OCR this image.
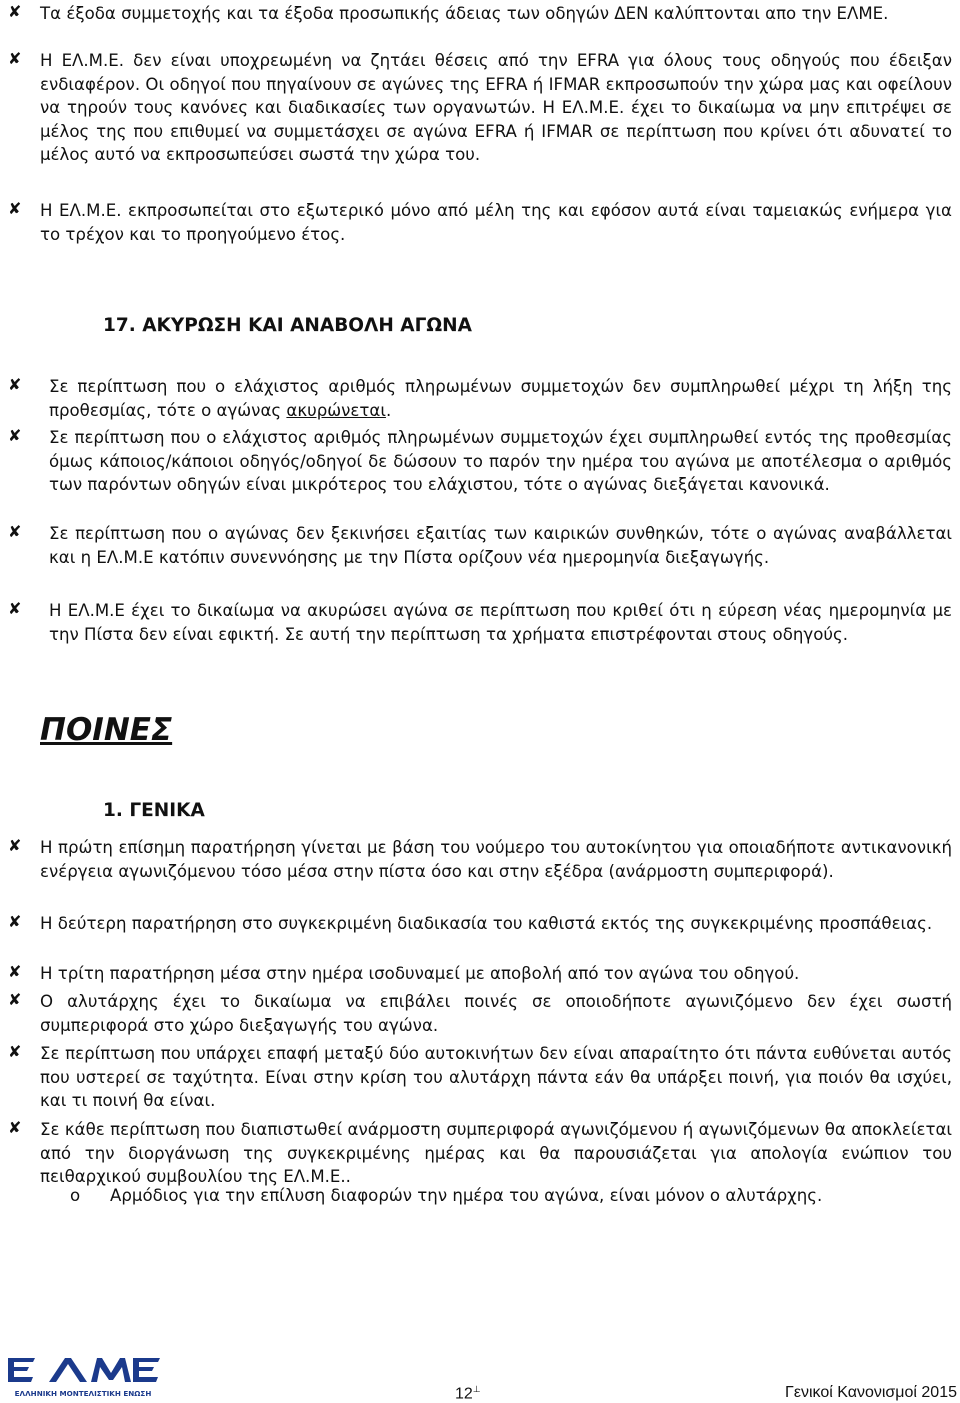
✘ Τα έξοδα συμμετοχής και τα έξοδα προσωπικής άδειας των οδηγών ΔΕΝ καλύπτονται απο την ΕΛΜΕ.
✘ Η ΕΛ.Μ.Ε. δεν είναι υποχρεωμένη να ζητάει θέσεις από την EFRA για όλους τους οδηγούς που έδειξαν ενδιαφέρον. Οι οδηγοί που πηγαίνουν σε αγώνες της EFRA ή IFMAR εκπροσωπούν την χώρα μας και οφείλουν να τηρούν τους κανόνες και διαδικασίες των οργανωτών. Η ΕΛ.Μ.Ε. έχει το δικαίωμα να μην επιτρέψει σε μέλος της που επιθυμεί να συμμετάσχει σε αγώνα EFRA ή IFMAR σε περίπτωση που κρίνει ότι αδυνατεί το μέλος αυτό να εκπροσωπεύσει σωστά την χώρα του.
✘ Η ΕΛ.Μ.Ε. εκπροσωπείται στο εξωτερικό μόνο από μέλη της και εφόσον αυτά είναι ταμειακώς ενήμερα για το τρέχον και το προηγούμενο έτος.
17. ΑΚΥΡΩΣΗ ΚΑΙ ΑΝΑΒΟΛΗ ΑΓΩΝΑ
✘ Σε περίπτωση που ο ελάχιστος αριθμός πληρωμένων συμμετοχών δεν συμπληρωθεί μέχρι τη λήξη της προθεσμίας, τότε ο αγώνας ακυρώνεται.
✘ Σε περίπτωση που ο ελάχιστος αριθμός πληρωμένων συμμετοχών έχει συμπληρωθεί εντός της προθεσμίας όμως κάποιος/κάποιοι οδηγός/οδηγοί δε δώσουν το παρόν την ημέρα του αγώνα με αποτέλεσμα ο αριθμός των παρόντων οδηγών είναι μικρότερος του ελάχιστου, τότε ο αγώνας διεξάγεται κανονικά.
✘ Σε περίπτωση που ο αγώνας δεν ξεκινήσει εξαιτίας των καιρικών συνθηκών, τότε ο αγώνας αναβάλλεται και η ΕΛ.Μ.Ε κατόπιν συνεννόησης με την Πίστα ορίζουν νέα ημερομηνία διεξαγωγής.
✘ Η ΕΛ.Μ.Ε έχει το δικαίωμα να ακυρώσει αγώνα σε περίπτωση που κριθεί ότι η εύρεση νέας ημερομηνία με την Πίστα δεν είναι εφικτή. Σε αυτή την περίπτωση τα χρήματα επιστρέφονται στους οδηγούς.
ΠΟΙΝΕΣ
1. ΓΕΝΙΚΑ
✘ Η πρώτη επίσημη παρατήρηση γίνεται με βάση του νούμερο του αυτοκίνητου για οποιαδήποτε αντικανονική ενέργεια αγωνιζόμενου τόσο μέσα στην πίστα όσο και στην εξέδρα (ανάρμοστη συμπεριφορά).
✘ Η δεύτερη παρατήρηση στο συγκεκριμένη διαδικασία του καθιστά εκτός της συγκεκριμένης προσπάθειας.
✘ Η τρίτη παρατήρηση μέσα στην ημέρα ισοδυναμεί με αποβολή από τον αγώνα του οδηγού.
✘ Ο αλυτάρχης έχει το δικαίωμα να επιβάλει ποινές σε οποιοδήποτε αγωνιζόμενο δεν έχει σωστή συμπεριφορά στο χώρο διεξαγωγής του αγώνα.
✘ Σε περίπτωση που υπάρχει επαφή μεταξύ δύο αυτοκινήτων δεν είναι απαραίτητο ότι πάντα ευθύνεται αυτός που υστερεί σε ταχύτητα. Είναι στην κρίση του αλυτάρχη πάντα εάν θα υπάρξει ποινή, για ποιόν θα ισχύει, και τι ποινή θα είναι.
✘ Σε κάθε περίπτωση που διαπιστωθεί ανάρμοστη συμπεριφορά αγωνιζόμενου ή αγωνιζόμενων θα αποκλείεται από την διοργάνωση της συγκεκριμένης ημέρας και θα παρουσιάζεται για απολογία ενώπιον του πειθαρχικού συμβουλίου της ΕΛ.Μ.Ε..
o Αρμόδιος για την επίλυση διαφορών την ημέρα του αγώνα, είναι μόνον ο αλυτάρχης.
ΕΛΛΗΝΙΚΗ ΜΟΝΤΕΛΙΣΤΙΚΗ ΕΝΩΣΗ	12⊥	Γενικοί Κανονισμοί 2015
